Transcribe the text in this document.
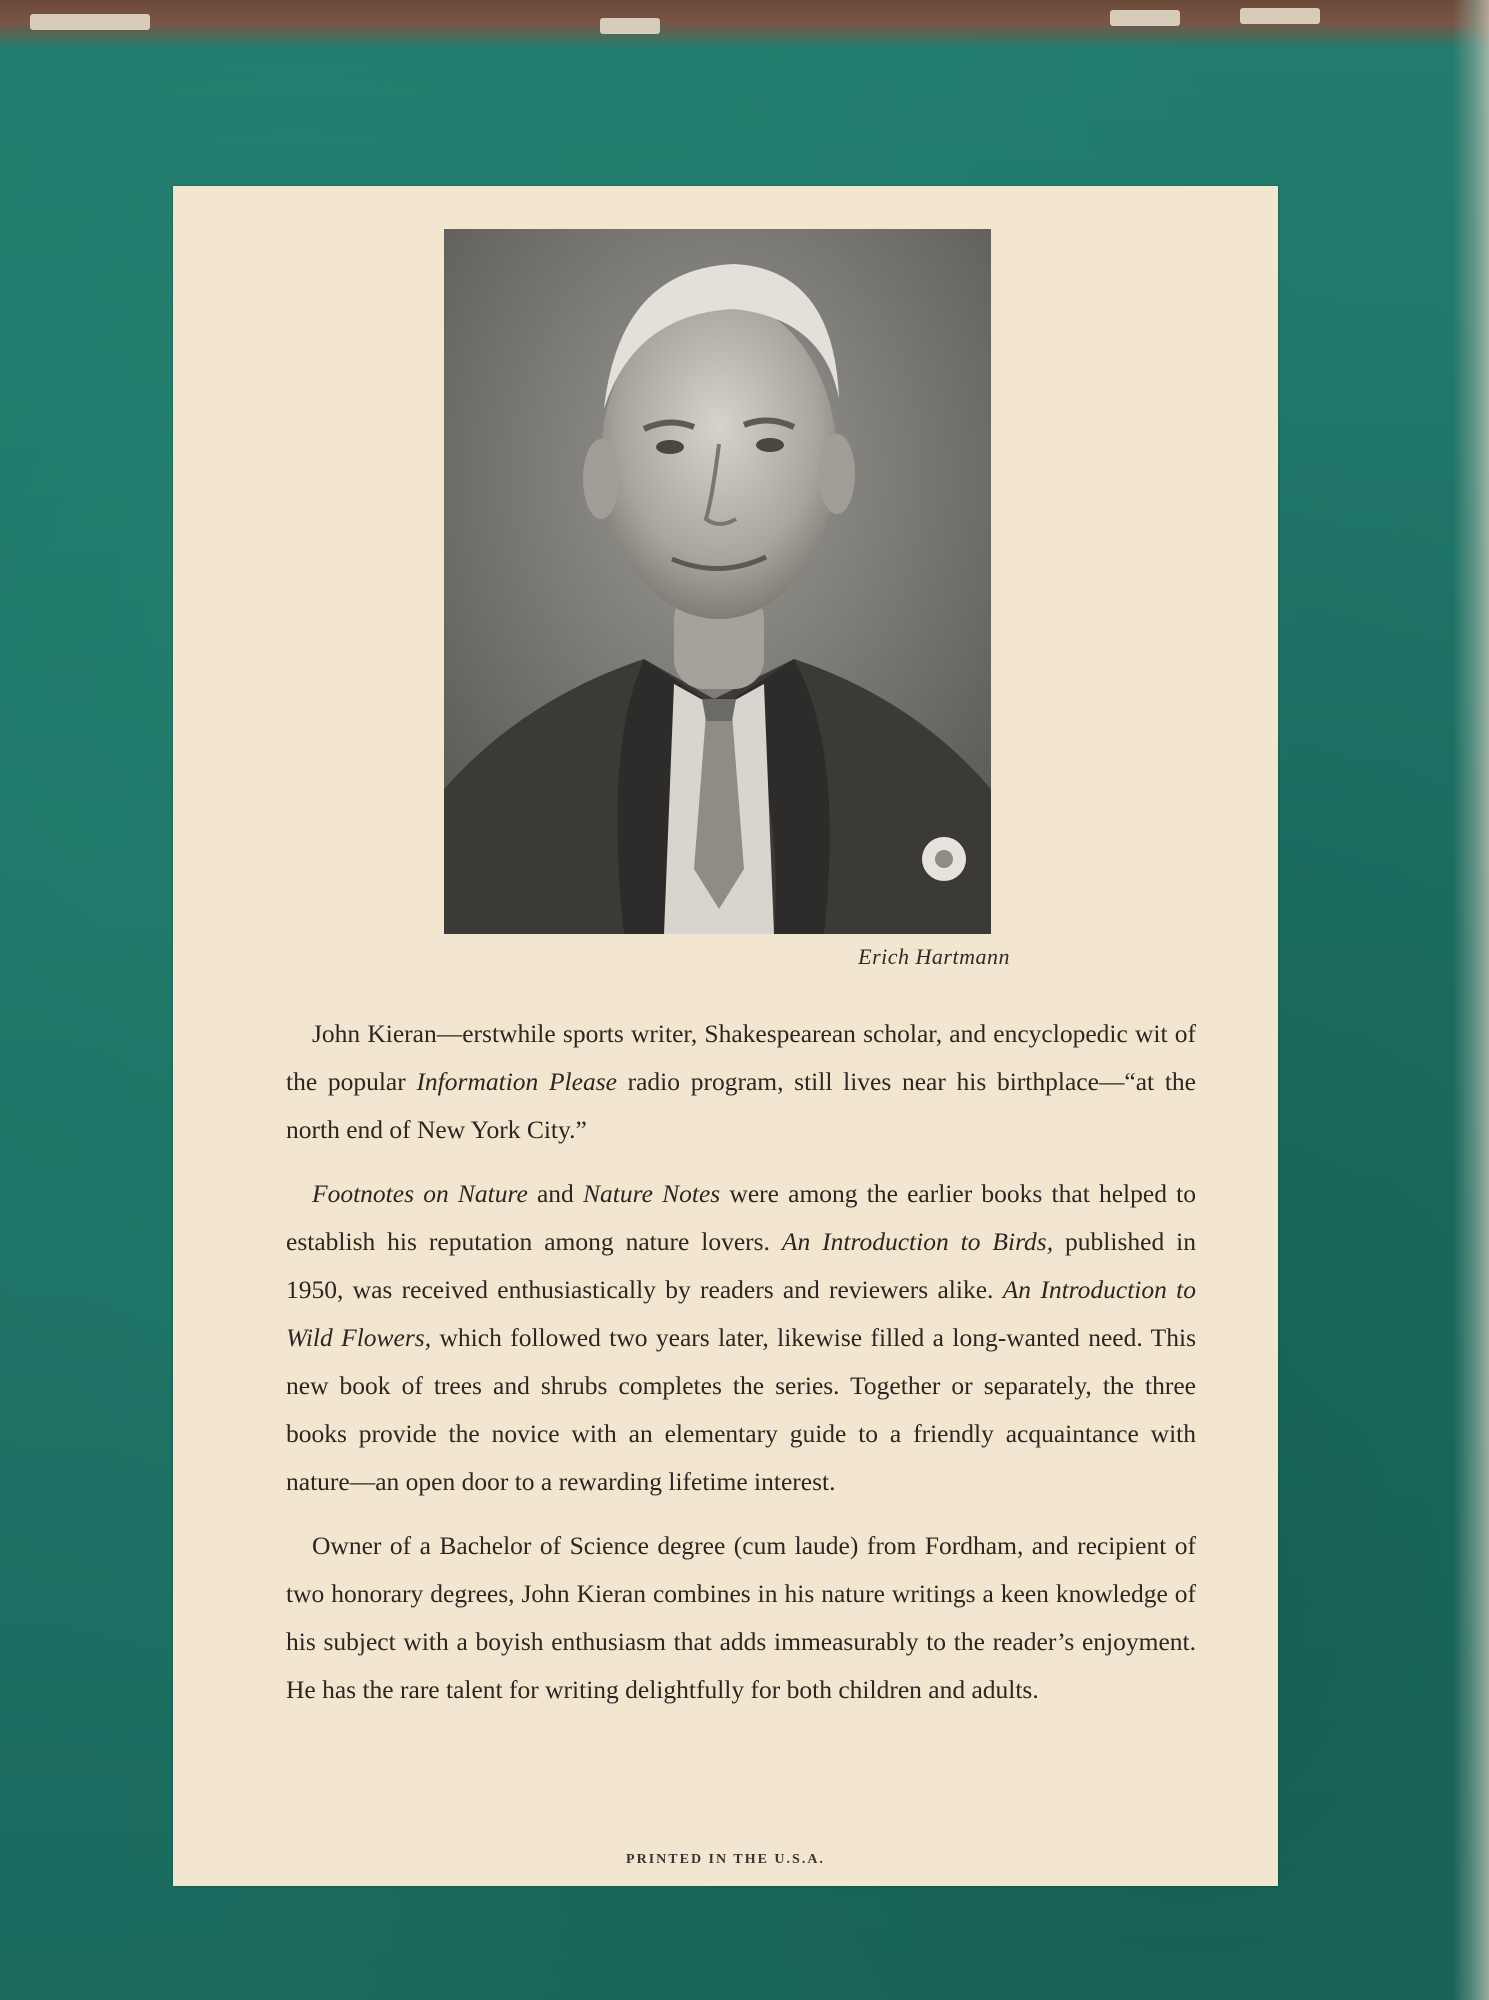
Erich Hartmann

John Kieran—erstwhile sports writer, Shakespearean scholar, and encyclopedic wit of the popular Information Please radio program, still lives near his birthplace—“at the north end of New York City.”

Footnotes on Nature and Nature Notes were among the earlier books that helped to establish his reputation among nature lovers. An Introduction to Birds, published in 1950, was received enthusiastically by readers and reviewers alike. An Introduction to Wild Flowers, which followed two years later, likewise filled a long-wanted need. This new book of trees and shrubs completes the series. Together or separately, the three books provide the novice with an elementary guide to a friendly acquaintance with nature—an open door to a rewarding lifetime interest.

Owner of a Bachelor of Science degree (cum laude) from Fordham, and recipient of two honorary degrees, John Kieran combines in his nature writings a keen knowledge of his subject with a boyish enthusiasm that adds immeasurably to the reader’s enjoyment. He has the rare talent for writing delightfully for both children and adults.

PRINTED IN THE U.S.A.
